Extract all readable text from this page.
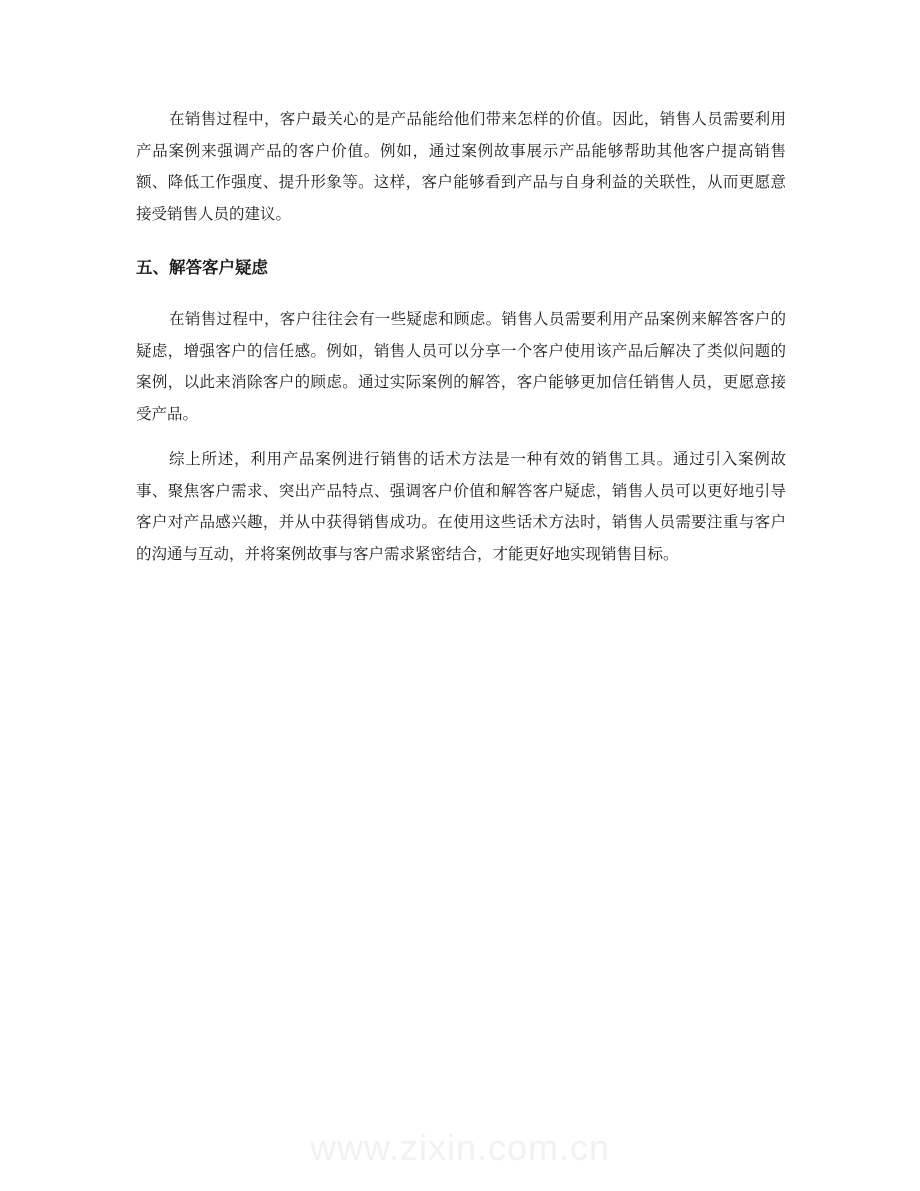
在销售过程中，客户最关心的是产品能给他们带来怎样的价值。因此，销售人员需要利用产品案例来强调产品的客户价值。例如，通过案例故事展示产品能够帮助其他客户提高销售额、降低工作强度、提升形象等。这样，客户能够看到产品与自身利益的关联性，从而更愿意接受销售人员的建议。

五、解答客户疑虑

在销售过程中，客户往往会有一些疑虑和顾虑。销售人员需要利用产品案例来解答客户的疑虑，增强客户的信任感。例如，销售人员可以分享一个客户使用该产品后解决了类似问题的案例，以此来消除客户的顾虑。通过实际案例的解答，客户能够更加信任销售人员，更愿意接受产品。

综上所述，利用产品案例进行销售的话术方法是一种有效的销售工具。通过引入案例故事、聚焦客户需求、突出产品特点、强调客户价值和解答客户疑虑，销售人员可以更好地引导客户对产品感兴趣，并从中获得销售成功。在使用这些话术方法时，销售人员需要注重与客户的沟通与互动，并将案例故事与客户需求紧密结合，才能更好地实现销售目标。

www.zixin.com.cn
